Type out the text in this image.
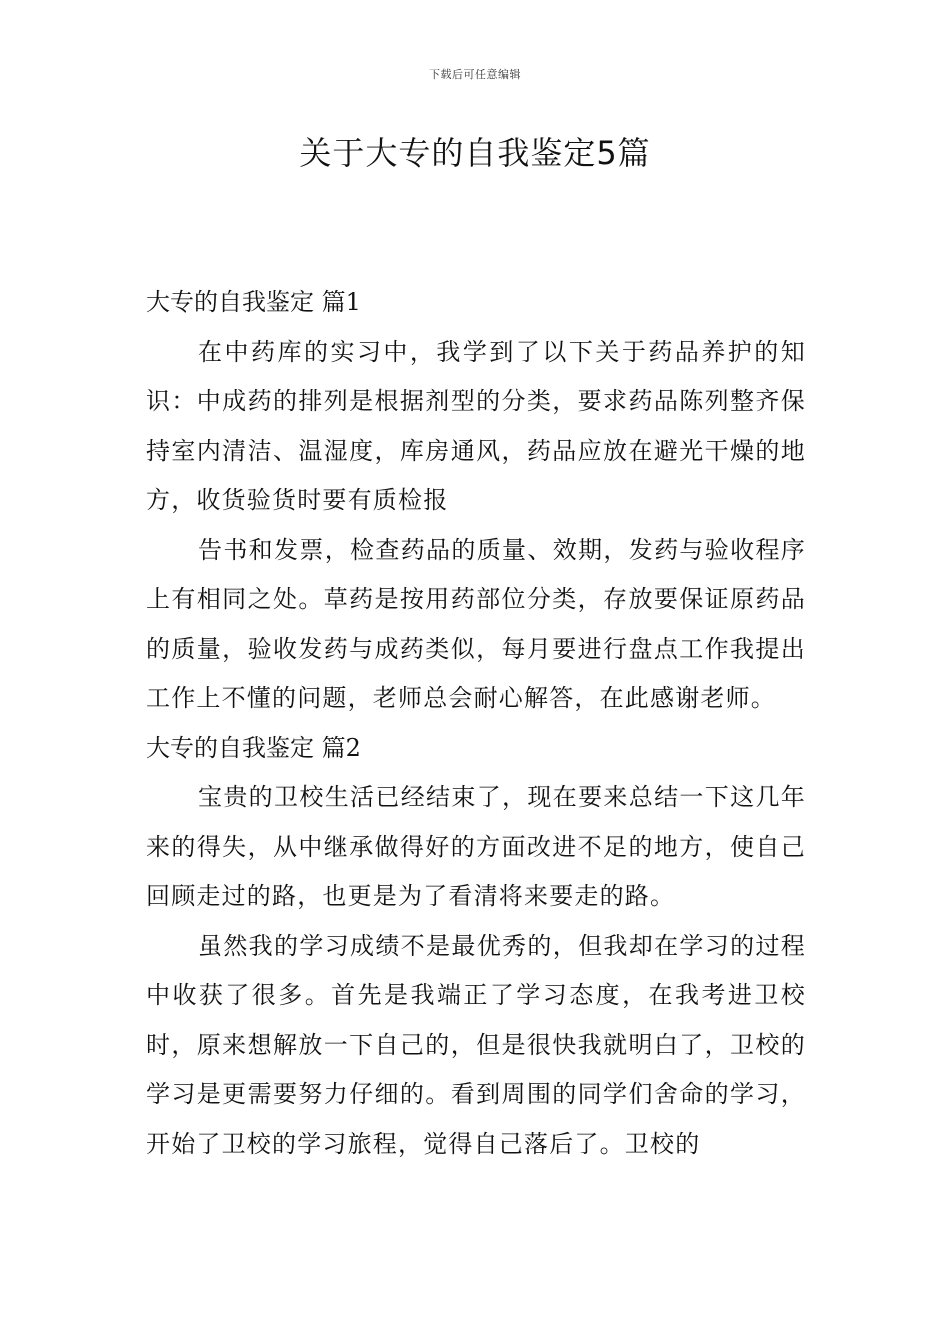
下载后可任意编辑
关于大专的自我鉴定5篇
大专的自我鉴定 篇1

在中药库的实习中，我学到了以下关于药品养护的知识：中成药的排列是根据剂型的分类，要求药品陈列整齐保持室内清洁、温湿度，库房通风，药品应放在避光干燥的地方，收货验货时要有质检报

告书和发票，检查药品的质量、效期，发药与验收程序上有相同之处。草药是按用药部位分类，存放要保证原药品的质量，验收发药与成药类似，每月要进行盘点工作我提出工作上不懂的问题，老师总会耐心解答，在此感谢老师。

大专的自我鉴定 篇2

宝贵的卫校生活已经结束了，现在要来总结一下这几年来的得失，从中继承做得好的方面改进不足的地方，使自己回顾走过的路，也更是为了看清将来要走的路。

虽然我的学习成绩不是最优秀的，但我却在学习的过程中收获了很多。首先是我端正了学习态度，在我考进卫校时，原来想解放一下自己的，但是很快我就明白了，卫校的学习是更需要努力仔细的。看到周围的同学们舍命的学习，开始了卫校的学习旅程，觉得自己落后了。卫校的
